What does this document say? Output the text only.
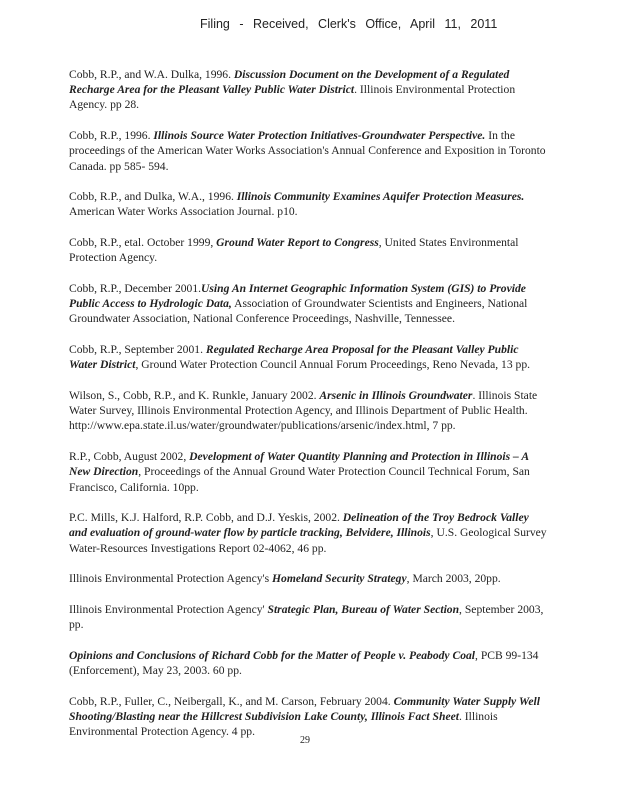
Filing - Received, Clerk's Office, April 11, 2011

Cobb, R.P., and W.A. Dulka, 1996. Discussion Document on the Development of a Regulated Recharge Area for the Pleasant Valley Public Water District. Illinois Environmental Protection Agency. pp 28.

Cobb, R.P., 1996. Illinois Source Water Protection Initiatives-Groundwater Perspective. In the proceedings of the American Water Works Association's Annual Conference and Exposition in Toronto Canada. pp 585- 594.

Cobb, R.P., and Dulka, W.A., 1996. Illinois Community Examines Aquifer Protection Measures. American Water Works Association Journal. p10.

Cobb, R.P., etal. October 1999, Ground Water Report to Congress, United States Environmental Protection Agency.

Cobb, R.P., December 2001.Using An Internet Geographic Information System (GIS) to Provide Public Access to Hydrologic Data, Association of Groundwater Scientists and Engineers, National Groundwater Association, National Conference Proceedings, Nashville, Tennessee.

Cobb, R.P., September 2001. Regulated Recharge Area Proposal for the Pleasant Valley Public Water District, Ground Water Protection Council Annual Forum Proceedings, Reno Nevada, 13 pp.

Wilson, S., Cobb, R.P., and K. Runkle, January 2002. Arsenic in Illinois Groundwater. Illinois State Water Survey, Illinois Environmental Protection Agency, and Illinois Department of Public Health. http://www.epa.state.il.us/water/groundwater/publications/arsenic/index.html, 7 pp.

R.P., Cobb, August 2002, Development of Water Quantity Planning and Protection in Illinois – A New Direction, Proceedings of the Annual Ground Water Protection Council Technical Forum, San Francisco, California. 10pp.

P.C. Mills, K.J. Halford, R.P. Cobb, and D.J. Yeskis, 2002. Delineation of the Troy Bedrock Valley and evaluation of ground-water flow by particle tracking, Belvidere, Illinois, U.S. Geological Survey Water-Resources Investigations Report 02-4062, 46 pp.

Illinois Environmental Protection Agency's Homeland Security Strategy, March 2003, 20pp.

Illinois Environmental Protection Agency' Strategic Plan, Bureau of Water Section, September 2003, pp.

Opinions and Conclusions of Richard Cobb for the Matter of People v. Peabody Coal, PCB 99-134 (Enforcement), May 23, 2003. 60 pp.

Cobb, R.P., Fuller, C., Neibergall, K., and M. Carson, February 2004. Community Water Supply Well Shooting/Blasting near the Hillcrest Subdivision Lake County, Illinois Fact Sheet. Illinois Environmental Protection Agency. 4 pp.

29
